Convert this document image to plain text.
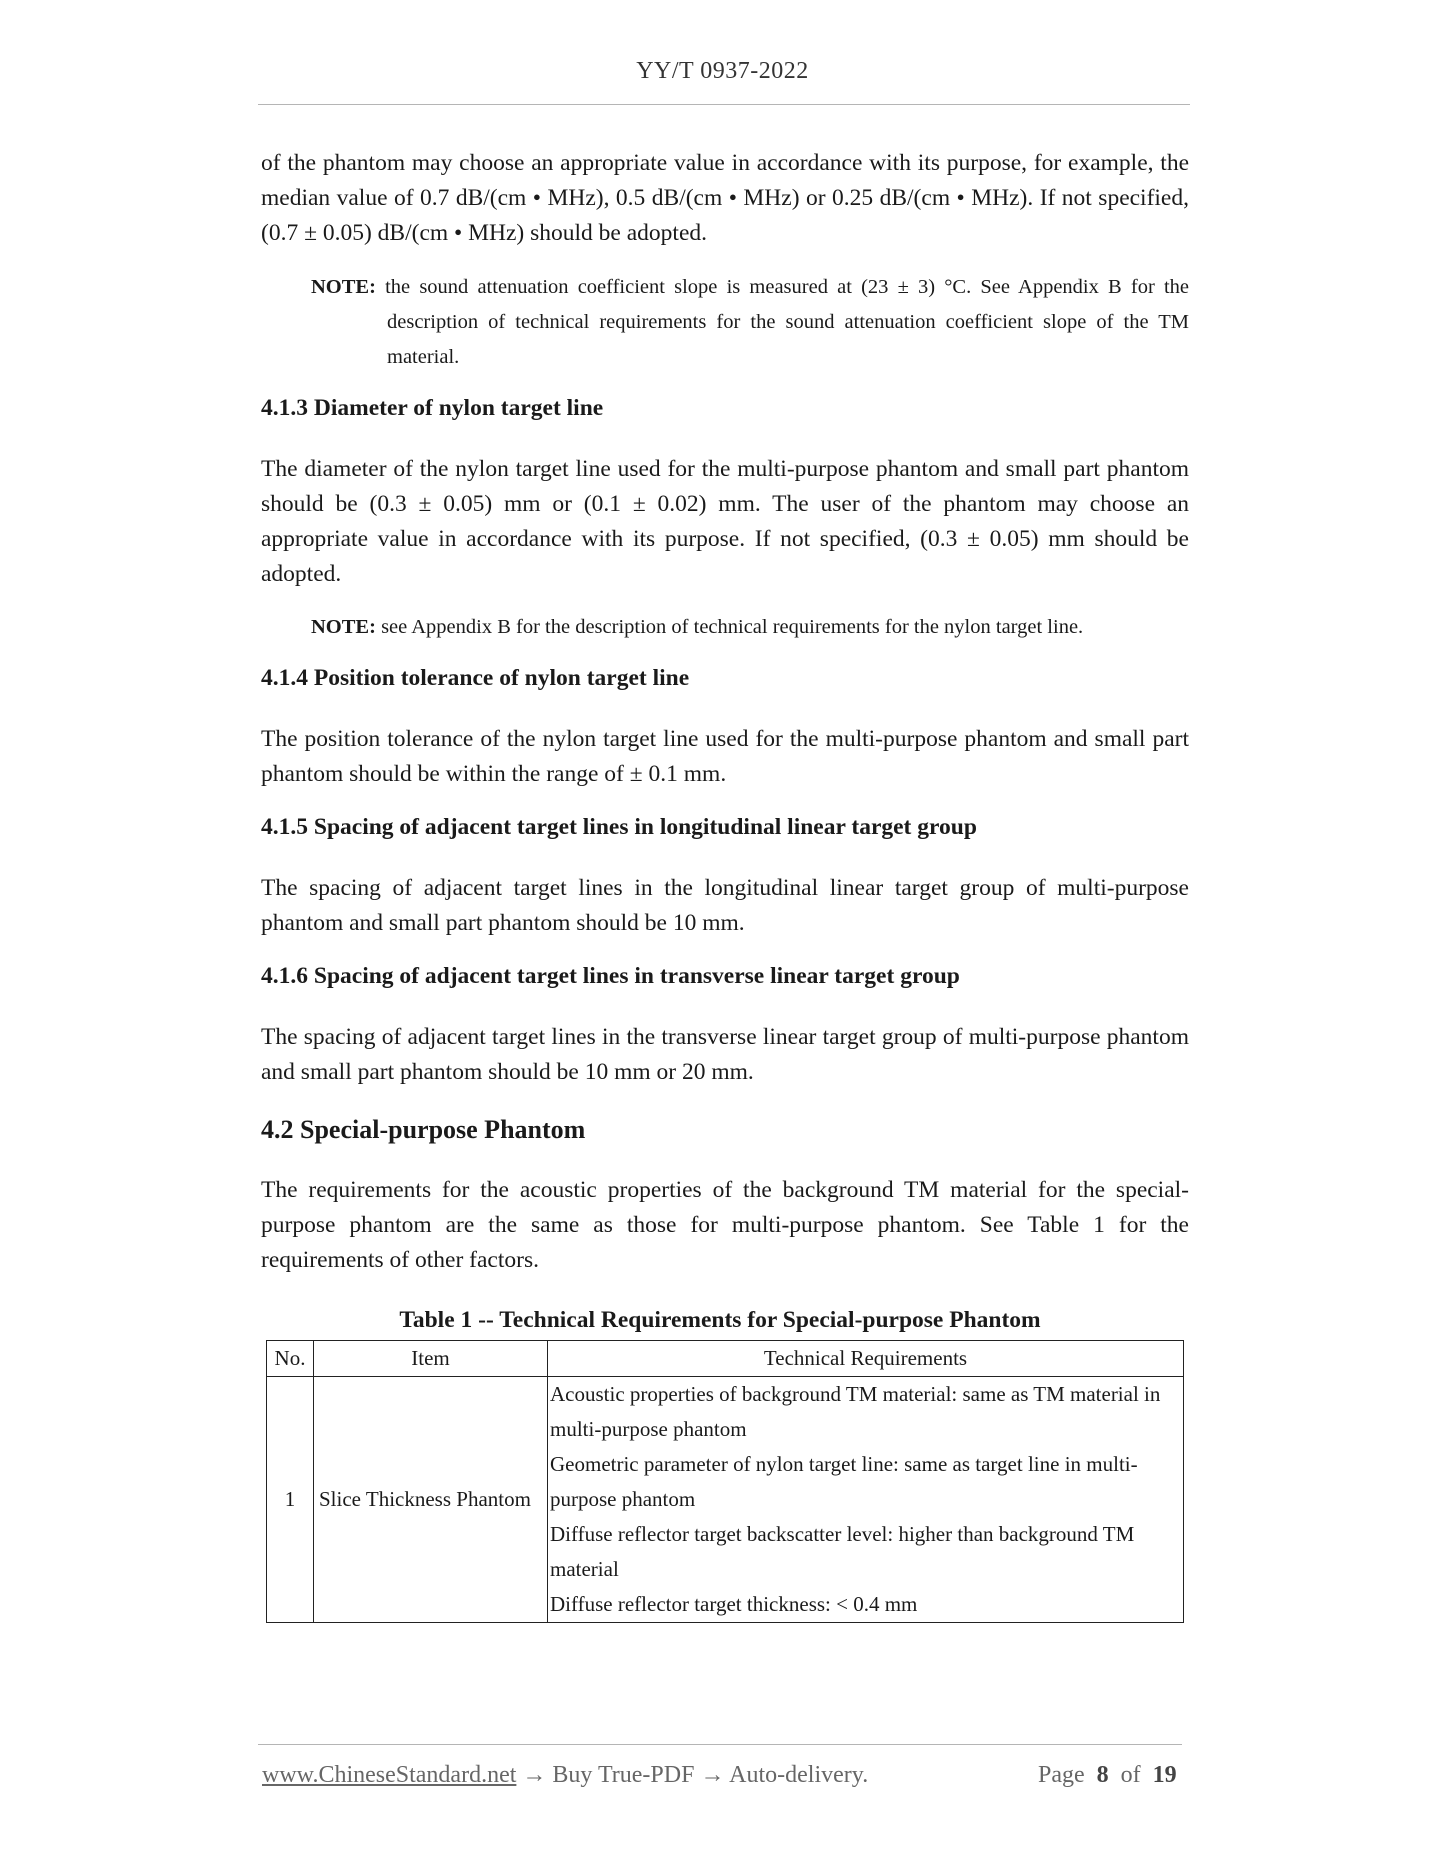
YY/T 0937-2022

of the phantom may choose an appropriate value in accordance with its purpose, for example, the median value of 0.7 dB/(cm • MHz), 0.5 dB/(cm • MHz) or 0.25 dB/(cm • MHz). If not specified, (0.7 ± 0.05) dB/(cm • MHz) should be adopted.

NOTE: the sound attenuation coefficient slope is measured at (23 ± 3) °C. See Appendix B for the description of technical requirements for the sound attenuation coefficient slope of the TM material.

4.1.3 Diameter of nylon target line

The diameter of the nylon target line used for the multi-purpose phantom and small part phantom should be (0.3 ± 0.05) mm or (0.1 ± 0.02) mm. The user of the phantom may choose an appropriate value in accordance with its purpose. If not specified, (0.3 ± 0.05) mm should be adopted.

NOTE: see Appendix B for the description of technical requirements for the nylon target line.

4.1.4 Position tolerance of nylon target line

The position tolerance of the nylon target line used for the multi-purpose phantom and small part phantom should be within the range of ± 0.1 mm.

4.1.5 Spacing of adjacent target lines in longitudinal linear target group

The spacing of adjacent target lines in the longitudinal linear target group of multi-purpose phantom and small part phantom should be 10 mm.

4.1.6 Spacing of adjacent target lines in transverse linear target group

The spacing of adjacent target lines in the transverse linear target group of multi-purpose phantom and small part phantom should be 10 mm or 20 mm.

4.2 Special-purpose Phantom

The requirements for the acoustic properties of the background TM material for the special-purpose phantom are the same as those for multi-purpose phantom. See Table 1 for the requirements of other factors.

Table 1 -- Technical Requirements for Special-purpose Phantom

No.	Item	Technical Requirements
1	Slice Thickness Phantom	Acoustic properties of background TM material: same as TM material in multi-purpose phantom
Geometric parameter of nylon target line: same as target line in multi-purpose phantom
Diffuse reflector target backscatter level: higher than background TM material
Diffuse reflector target thickness: < 0.4 mm
www.ChineseStandard.net → Buy True-PDF → Auto-delivery.	Page 8 of 19
